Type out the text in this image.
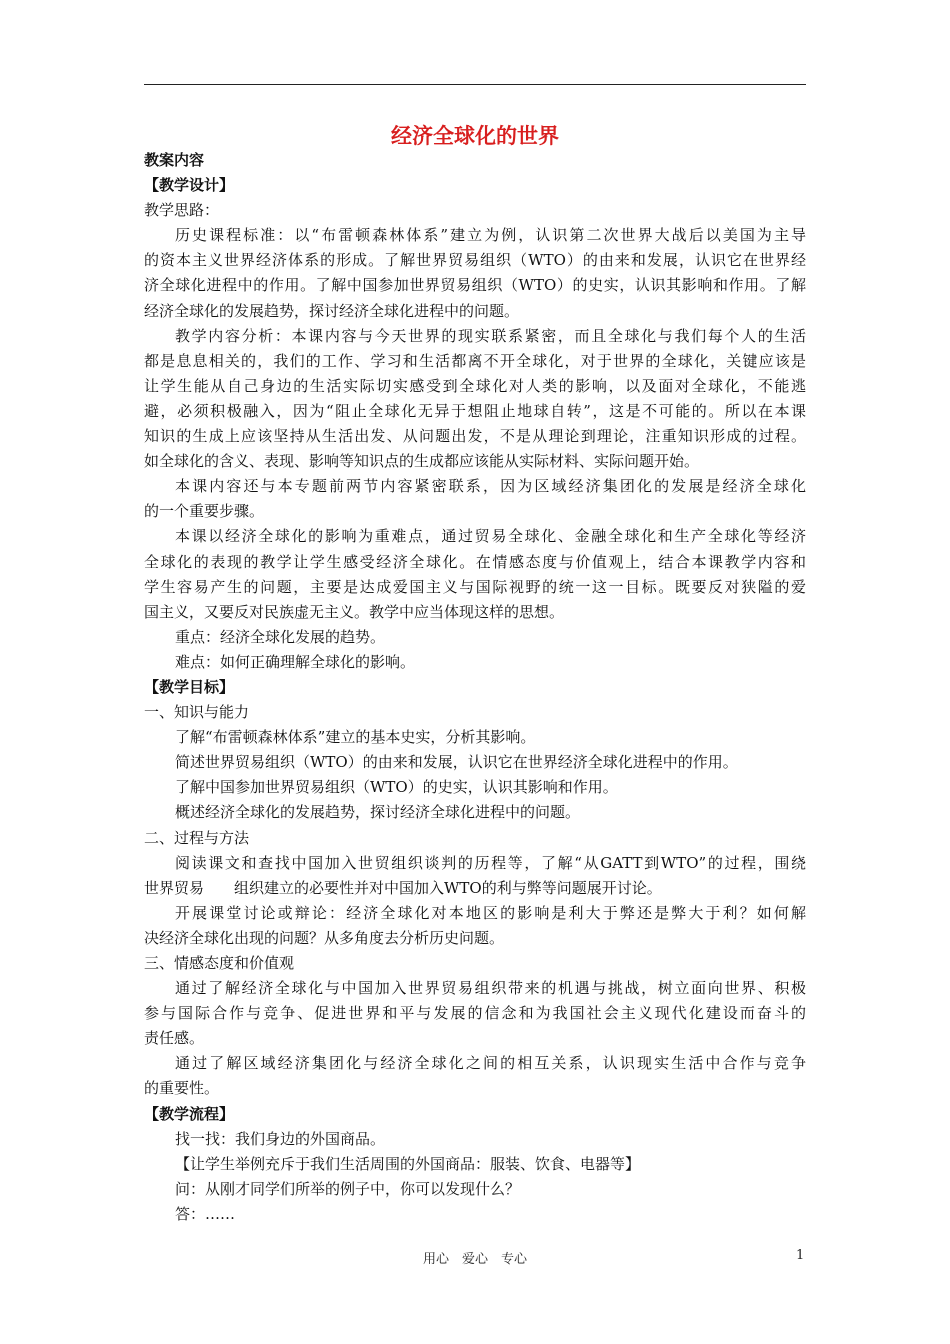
经济全球化的世界
教案内容
【教学设计】
教学思路：
历史课程标准：以“布雷顿森林体系”建立为例，认识第二次世界大战后以美国为主导
的资本主义世界经济体系的形成。了解世界贸易组织（WTO）的由来和发展，认识它在世界经
济全球化进程中的作用。了解中国参加世界贸易组织（WTO）的史实，认识其影响和作用。了解
经济全球化的发展趋势，探讨经济全球化进程中的问题。
教学内容分析：本课内容与今天世界的现实联系紧密，而且全球化与我们每个人的生活
都是息息相关的，我们的工作、学习和生活都离不开全球化，对于世界的全球化，关键应该是
让学生能从自己身边的生活实际切实感受到全球化对人类的影响，以及面对全球化，不能逃
避，必须积极融入，因为“阻止全球化无异于想阻止地球自转”，这是不可能的。所以在本课
知识的生成上应该坚持从生活出发、从问题出发，不是从理论到理论，注重知识形成的过程。
如全球化的含义、表现、影响等知识点的生成都应该能从实际材料、实际问题开始。
本课内容还与本专题前两节内容紧密联系，因为区域经济集团化的发展是经济全球化
的一个重要步骤。
本课以经济全球化的影响为重难点，通过贸易全球化、金融全球化和生产全球化等经济
全球化的表现的教学让学生感受经济全球化。在情感态度与价值观上，结合本课教学内容和
学生容易产生的问题，主要是达成爱国主义与国际视野的统一这一目标。既要反对狭隘的爱
国主义，又要反对民族虚无主义。教学中应当体现这样的思想。
重点：经济全球化发展的趋势。
难点：如何正确理解全球化的影响。
【教学目标】
一、知识与能力
了解“布雷顿森林体系”建立的基本史实，分析其影响。
简述世界贸易组织（WTO）的由来和发展，认识它在世界经济全球化进程中的作用。
了解中国参加世界贸易组织（WTO）的史实，认识其影响和作用。
概述经济全球化的发展趋势，探讨经济全球化进程中的问题。
二、过程与方法
阅读课文和查找中国加入世贸组织谈判的历程等，了解“从GATT到WTO”的过程，围绕
世界贸易　　组织建立的必要性并对中国加入WTO的利与弊等问题展开讨论。
开展课堂讨论或辩论：经济全球化对本地区的影响是利大于弊还是弊大于利？如何解
决经济全球化出现的问题？从多角度去分析历史问题。
三、情感态度和价值观
通过了解经济全球化与中国加入世界贸易组织带来的机遇与挑战，树立面向世界、积极
参与国际合作与竞争、促进世界和平与发展的信念和为我国社会主义现代化建设而奋斗的
责任感。
通过了解区域经济集团化与经济全球化之间的相互关系，认识现实生活中合作与竞争
的重要性。
【教学流程】
找一找：我们身边的外国商品。
【让学生举例充斥于我们生活周围的外国商品：服装、饮食、电器等】
问：从刚才同学们所举的例子中，你可以发现什么？
答：……
用心　爱心　专心	1
